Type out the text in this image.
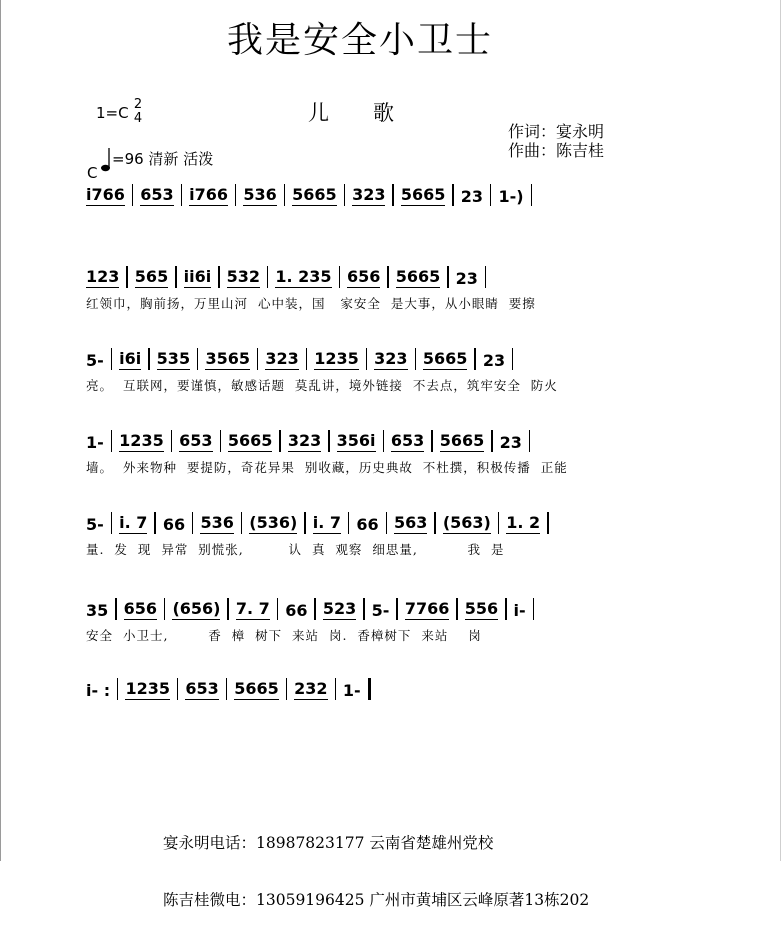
我是安全小卫士
1=C 2
4	儿歌
作词：宴永明
作曲：陈吉桂
=96 清新 活泼
C
i766 653 i766 536 5665 323 5665 23 1-)
123 565 ii6i 532 1. 235 656 5665 23
红领巾，胸前扬，万里山河  心中装，国   家安全  是大事，从小眼睛  要擦
5- i6i 535 3565 323 1235 323 5665 23
亮。  互联网，要谨慎，敏感话题  莫乱讲，境外链接  不去点，筑牢安全  防火
1- 1235 653 5665 323 356i 653 5665 23
墙。  外来物种  要提防，奇花异果  别收藏，历史典故  不杜撰，积极传播  正能
5- i. 7 66 536 (536) i. 7 66 563 (563) 1. 2
量.  发  现  异常  别慌张,         认  真  观察  细思量,          我  是
35 656 (656) 7. 7 66 523 5- 7766 556 i-
安全  小卫士,        香  樟  树下  来站  岗.  香樟树下  来站    岗
i- : 1235 653 5665 232 1-

宴永明电话：18987823177 云南省楚雄州党校

陈吉桂微电：13059196425 广州市黄埔区云峰原著13栋202
